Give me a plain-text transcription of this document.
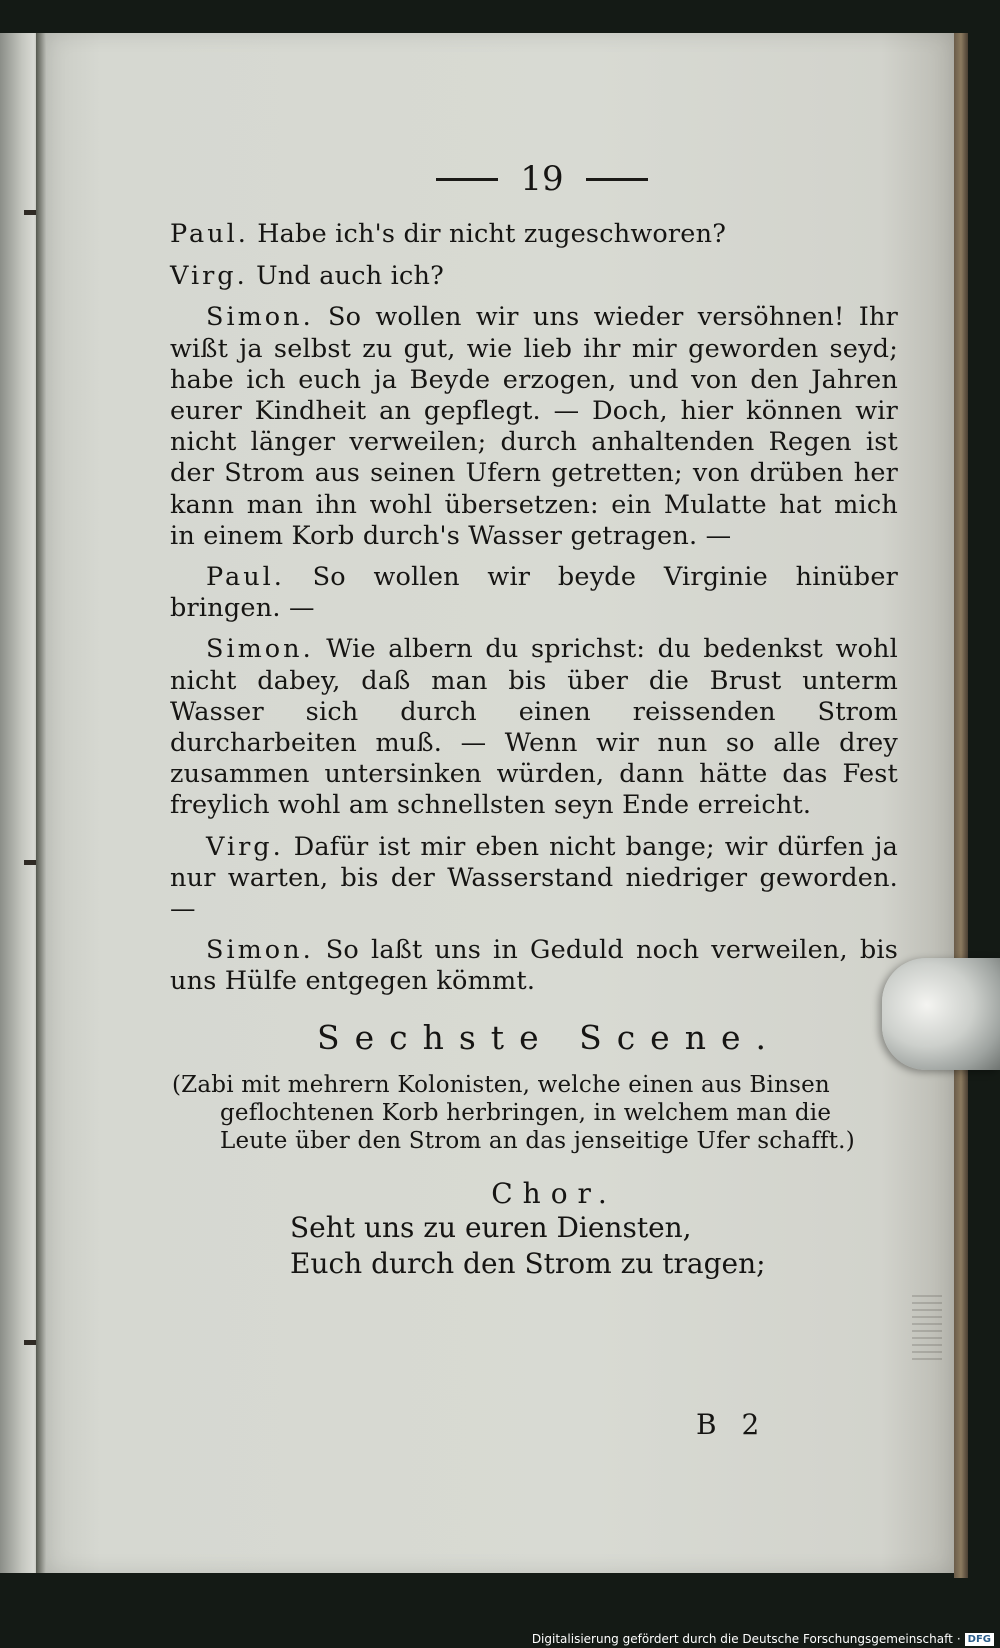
19

Paul. Habe ich's dir nicht zugeschworen?

Virg. Und auch ich?

Simon. So wollen wir uns wieder versöhnen! Ihr wißt ja selbst zu gut, wie lieb ihr mir geworden seyd; habe ich euch ja Beyde erzogen, und von den Jahren eurer Kindheit an gepflegt. — Doch, hier können wir nicht länger verweilen; durch anhaltenden Regen ist der Strom aus seinen Ufern getretten; von drüben her kann man ihn wohl übersetzen: ein Mulatte hat mich in einem Korb durch's Wasser getragen. —

Paul. So wollen wir beyde Virginie hinüber bringen. —

Simon. Wie albern du sprichst: du bedenkst wohl nicht dabey, daß man bis über die Brust unterm Wasser sich durch einen reissenden Strom durcharbeiten muß. — Wenn wir nun so alle drey zusammen untersinken würden, dann hätte das Fest freylich wohl am schnellsten seyn Ende erreicht.

Virg. Dafür ist mir eben nicht bange; wir dürfen ja nur warten, bis der Wasserstand niedriger geworden. —

Simon. So laßt uns in Geduld noch verweilen, bis uns Hülfe entgegen kömmt.

Sechste Scene.

(Zabi mit mehrern Kolonisten, welche einen aus Binsen geflochtenen Korb herbringen, in welchem man die Leute über den Strom an das jenseitige Ufer schafft.)

Chor.
Seht uns zu euren Diensten,
Euch durch den Strom zu tragen;
B 2
Digitalisierung gefördert durch die Deutsche Forschungsgemeinschaft · DFG
